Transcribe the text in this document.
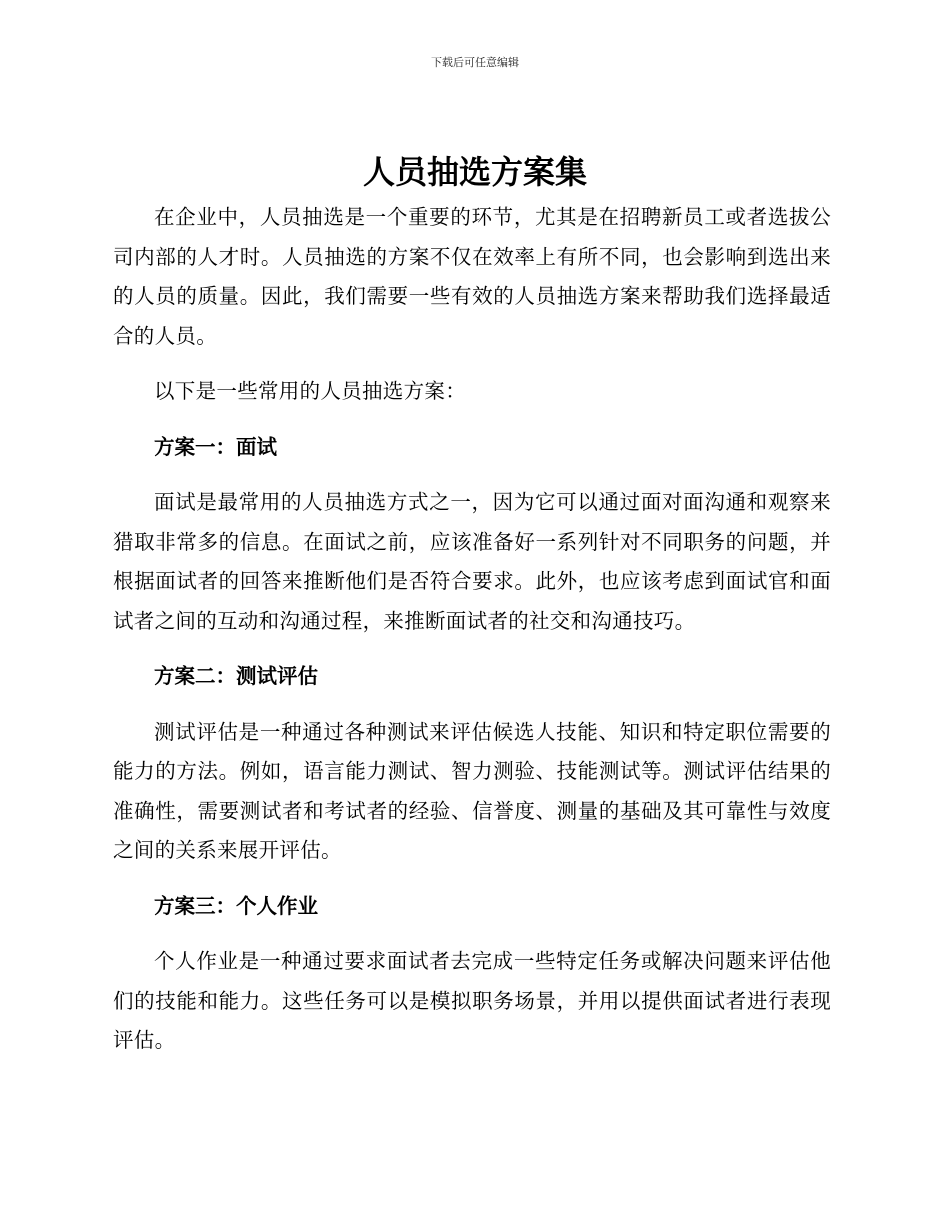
下载后可任意编辑
人员抽选方案集

在企业中，人员抽选是一个重要的环节，尤其是在招聘新员工或者选拔公司内部的人才时。人员抽选的方案不仅在效率上有所不同，也会影响到选出来的人员的质量。因此，我们需要一些有效的人员抽选方案来帮助我们选择最适合的人员。

以下是一些常用的人员抽选方案：

方案一：面试

面试是最常用的人员抽选方式之一，因为它可以通过面对面沟通和观察来猎取非常多的信息。在面试之前，应该准备好一系列针对不同职务的问题，并根据面试者的回答来推断他们是否符合要求。此外，也应该考虑到面试官和面试者之间的互动和沟通过程，来推断面试者的社交和沟通技巧。

方案二：测试评估

测试评估是一种通过各种测试来评估候选人技能、知识和特定职位需要的能力的方法。例如，语言能力测试、智力测验、技能测试等。测试评估结果的准确性，需要测试者和考试者的经验、信誉度、测量的基础及其可靠性与效度之间的关系来展开评估。

方案三：个人作业

个人作业是一种通过要求面试者去完成一些特定任务或解决问题来评估他们的技能和能力。这些任务可以是模拟职务场景，并用以提供面试者进行表现评估。
